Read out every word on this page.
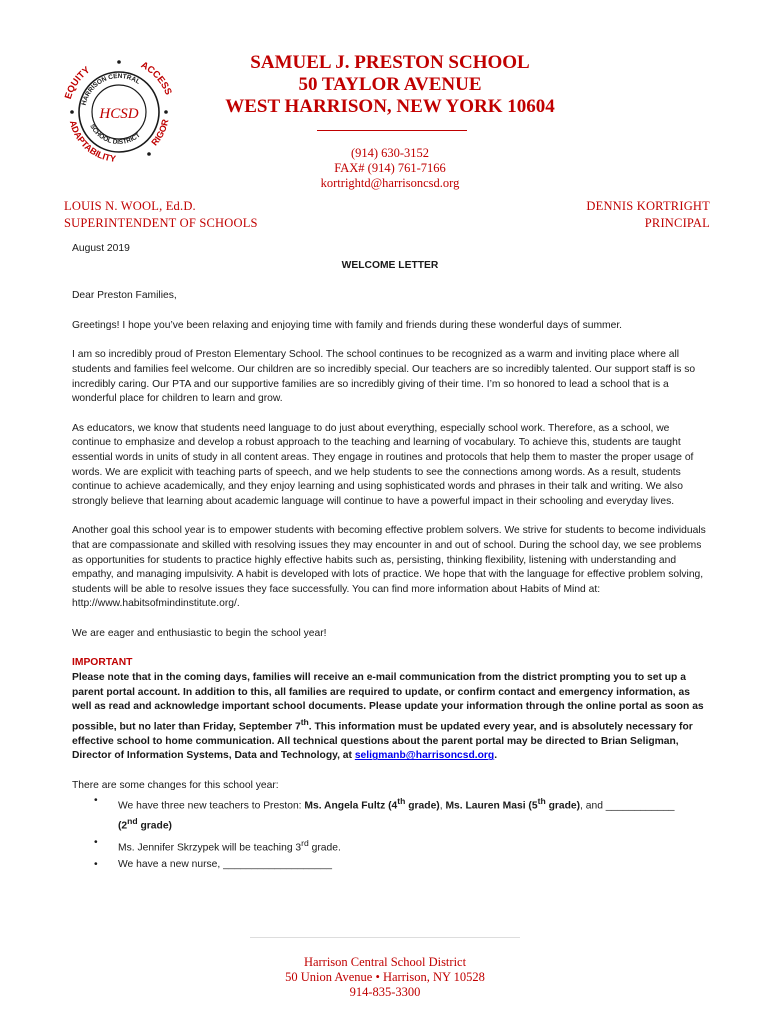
EQUITY	ACCESS
ADAPTABILITY
RIGOR
HARRISON CENTRAL
SCHOOL DISTRICT
HCSD
SAMUEL J. PRESTON SCHOOL
50 TAYLOR AVENUE
WEST HARRISON, NEW YORK 10604
(914) 630-3152
FAX# (914) 761-7166
kortrightd@harrisoncsd.org
LOUIS N. WOOL, Ed.D.
SUPERINTENDENT OF SCHOOLS
DENNIS KORTRIGHT
PRINCIPAL

August 2019

WELCOME LETTER

Dear Preston Families,

Greetings! I hope you’ve been relaxing and enjoying time with family and friends during these wonderful days of summer.

I am so incredibly proud of Preston Elementary School. The school continues to be recognized as a warm and inviting place where all students and families feel welcome. Our children are so incredibly special. Our teachers are so incredibly talented. Our support staff is so incredibly caring. Our PTA and our supportive families are so incredibly giving of their time. I’m so honored to lead a school that is a wonderful place for children to learn and grow.

As educators, we know that students need language to do just about everything, especially school work. Therefore, as a school, we continue to emphasize and develop a robust approach to the teaching and learning of vocabulary. To achieve this, students are taught essential words in units of study in all content areas. They engage in routines and protocols that help them to master the proper usage of words. We are explicit with teaching parts of speech, and we help students to see the connections among words. As a result, students continue to achieve academically, and they enjoy learning and using sophisticated words and phrases in their talk and writing. We also strongly believe that learning about academic language will continue to have a powerful impact in their schooling and everyday lives.

Another goal this school year is to empower students with becoming effective problem solvers. We strive for students to become individuals that are compassionate and skilled with resolving issues they may encounter in and out of school. During the school day, we see problems as opportunities for students to practice highly effective habits such as, persisting, thinking flexibility, listening with understanding and empathy, and managing impulsivity. A habit is developed with lots of practice. We hope that with the language for effective problem solving, students will be able to resolve issues they face successfully. You can find more information about Habits of Mind at: http://www.habitsofmindinstitute.org/.

We are eager and enthusiastic to begin the school year!

IMPORTANT

Please note that in the coming days, families will receive an e-mail communication from the district prompting you to set up a parent portal account. In addition to this, all families are required to update, or confirm contact and emergency information, as well as read and acknowledge important school documents. Please update your information through the online portal as soon as possible, but no later than Friday, September 7th. This information must be updated every year, and is absolutely necessary for effective school to home communication. All technical questions about the parent portal may be directed to Brian Seligman, Director of Information Systems, Data and Technology, at seligmanb@harrisoncsd.org.

There are some changes for this school year:

• We have three new teachers to Preston: Ms. Angela Fultz (4th grade), Ms. Lauren Masi (5th grade), and ____________
(2nd grade)
• Ms. Jennifer Skrzypek will be teaching 3rd grade.
• We have a new nurse, ___________________
Harrison Central School District
50 Union Avenue • Harrison, NY 10528
914-835-3300
